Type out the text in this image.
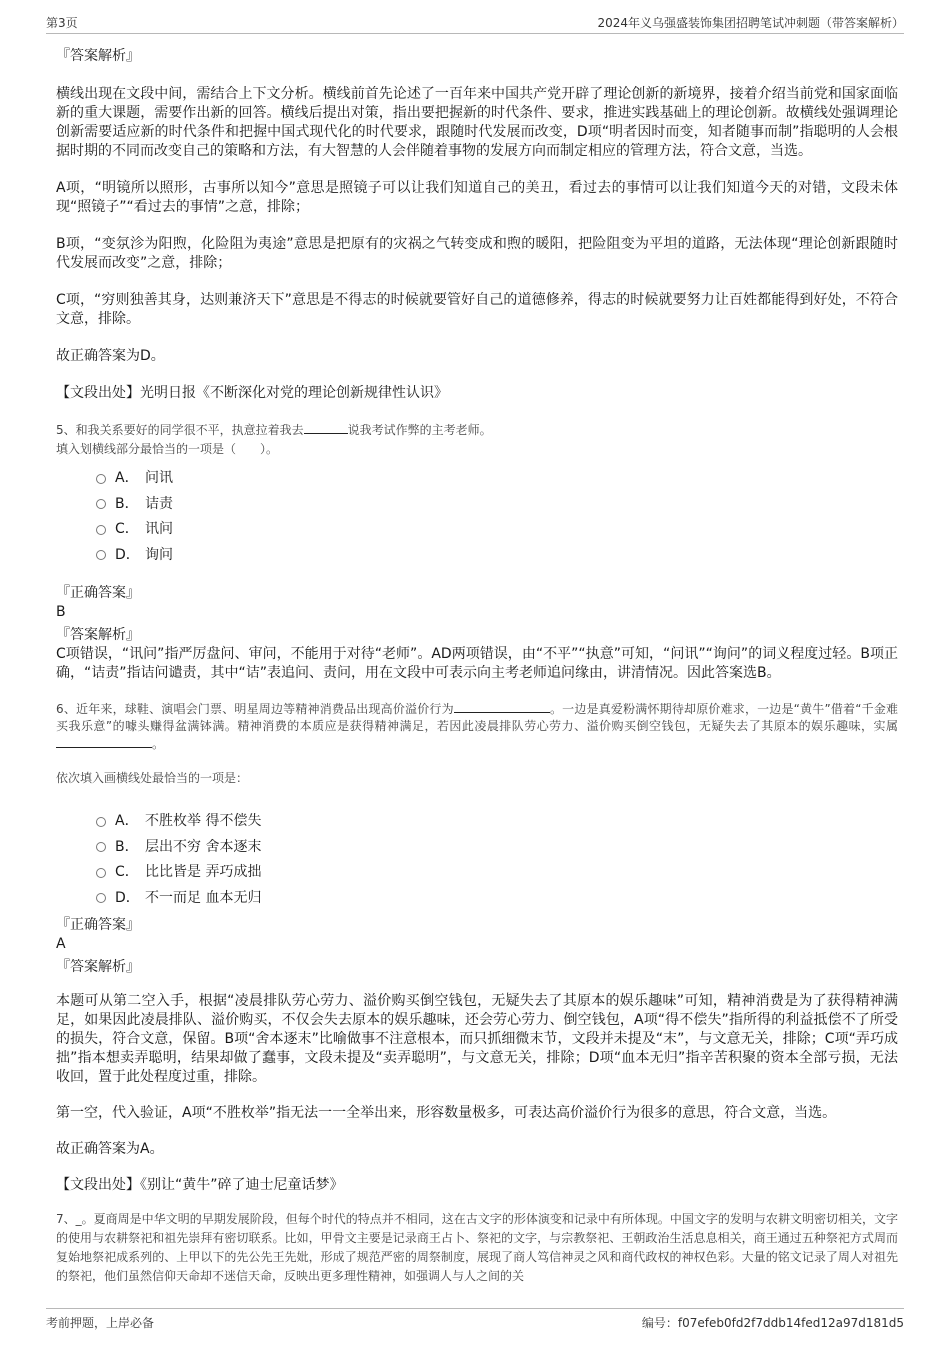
第3页	2024年义乌强盛装饰集团招聘笔试冲刺题（带答案解析）

『答案解析』

横线出现在文段中间，需结合上下文分析。横线前首先论述了一百年来中国共产党开辟了理论创新的新境界，接着介绍当前党和国家面临新的重大课题，需要作出新的回答。横线后提出对策，指出要把握新的时代条件、要求，推进实践基础上的理论创新。故横线处强调理论创新需要适应新的时代条件和把握中国式现代化的时代要求，跟随时代发展而改变，D项“明者因时而变，知者随事而制”指聪明的人会根据时期的不同而改变自己的策略和方法，有大智慧的人会伴随着事物的发展方向而制定相应的管理方法，符合文意，当选。

A项，“明镜所以照形，古事所以知今”意思是照镜子可以让我们知道自己的美丑，看过去的事情可以让我们知道今天的对错，文段未体现“照镜子”“看过去的事情”之意，排除；

B项，“变氛沴为阳煦，化险阻为夷途”意思是把原有的灾祸之气转变成和煦的暖阳，把险阻变为平坦的道路，无法体现“理论创新跟随时代发展而改变”之意，排除；

C项，“穷则独善其身，达则兼济天下”意思是不得志的时候就要管好自己的道德修养，得志的时候就要努力让百姓都能得到好处，不符合文意，排除。

故正确答案为D。

【文段出处】光明日报《不断深化对党的理论创新规律性认识》

5、和我关系要好的同学很不平，执意拉着我去	说我考试作弊的主考老师。

填入划横线部分最恰当的一项是（　　）。

A． 问讯
B． 诘责
C． 讯问
D． 询问

『正确答案』

B

『答案解析』

C项错误，“讯问”指严厉盘问、审问，不能用于对待“老师”。AD两项错误，由“不平”“执意”可知，“问讯”“询问”的词义程度过轻。B项正确，“诘责”指诘问谴责，其中“诘”表追问、责问，用在文段中可表示向主考老师追问缘由，讲清情况。因此答案选B。

6、近年来，球鞋、演唱会门票、明星周边等精神消费品出现高价溢价行为	。一边是真爱粉满怀期待却原价难求，一边是“黄牛”借着“千金难买我乐意”的噱头赚得盆满钵满。精神消费的本质应是获得精神满足，若因此凌晨排队劳心劳力、溢价购买倒空钱包，无疑失去了其原本的娱乐趣味，实属。

依次填入画横线处最恰当的一项是：

A． 不胜枚举 得不偿失
B． 层出不穷 舍本逐末
C． 比比皆是 弄巧成拙
D． 不一而足 血本无归

『正确答案』

A

『答案解析』

本题可从第二空入手，根据“凌晨排队劳心劳力、溢价购买倒空钱包，无疑失去了其原本的娱乐趣味”可知，精神消费是为了获得精神满足，如果因此凌晨排队、溢价购买，不仅会失去原本的娱乐趣味，还会劳心劳力、倒空钱包，A项“得不偿失”指所得的利益抵偿不了所受的损失，符合文意，保留。B项“舍本逐末”比喻做事不注意根本，而只抓细微末节，文段并未提及“末”，与文意无关，排除；C项“弄巧成拙”指本想卖弄聪明，结果却做了蠢事，文段未提及“卖弄聪明”，与文意无关，排除；D项“血本无归”指辛苦积聚的资本全部亏损，无法收回，置于此处程度过重，排除。

第一空，代入验证，A项“不胜枚举”指无法一一全举出来，形容数量极多，可表达高价溢价行为很多的意思，符合文意，当选。

故正确答案为A。

【文段出处】《别让“黄牛”碎了迪士尼童话梦》

7、_。夏商周是中华文明的早期发展阶段，但每个时代的特点并不相同，这在古文字的形体演变和记录中有所体现。中国文字的发明与农耕文明密切相关，文字的使用与农耕祭祀和祖先崇拜有密切联系。比如，甲骨文主要是记录商王占卜、祭祀的文字，与宗教祭祀、王朝政治生活息息相关，商王通过五种祭祀方式周而复始地祭祀成系列的、上甲以下的先公先王先妣，形成了规范严密的周祭制度，展现了商人笃信神灵之风和商代政权的神权色彩。大量的铭文记录了周人对祖先的祭祀，他们虽然信仰天命却不迷信天命，反映出更多理性精神，如强调人与人之间的关

考前押题，上岸必备	编号：f07efeb0fd2f7ddb14fed12a97d181d5
